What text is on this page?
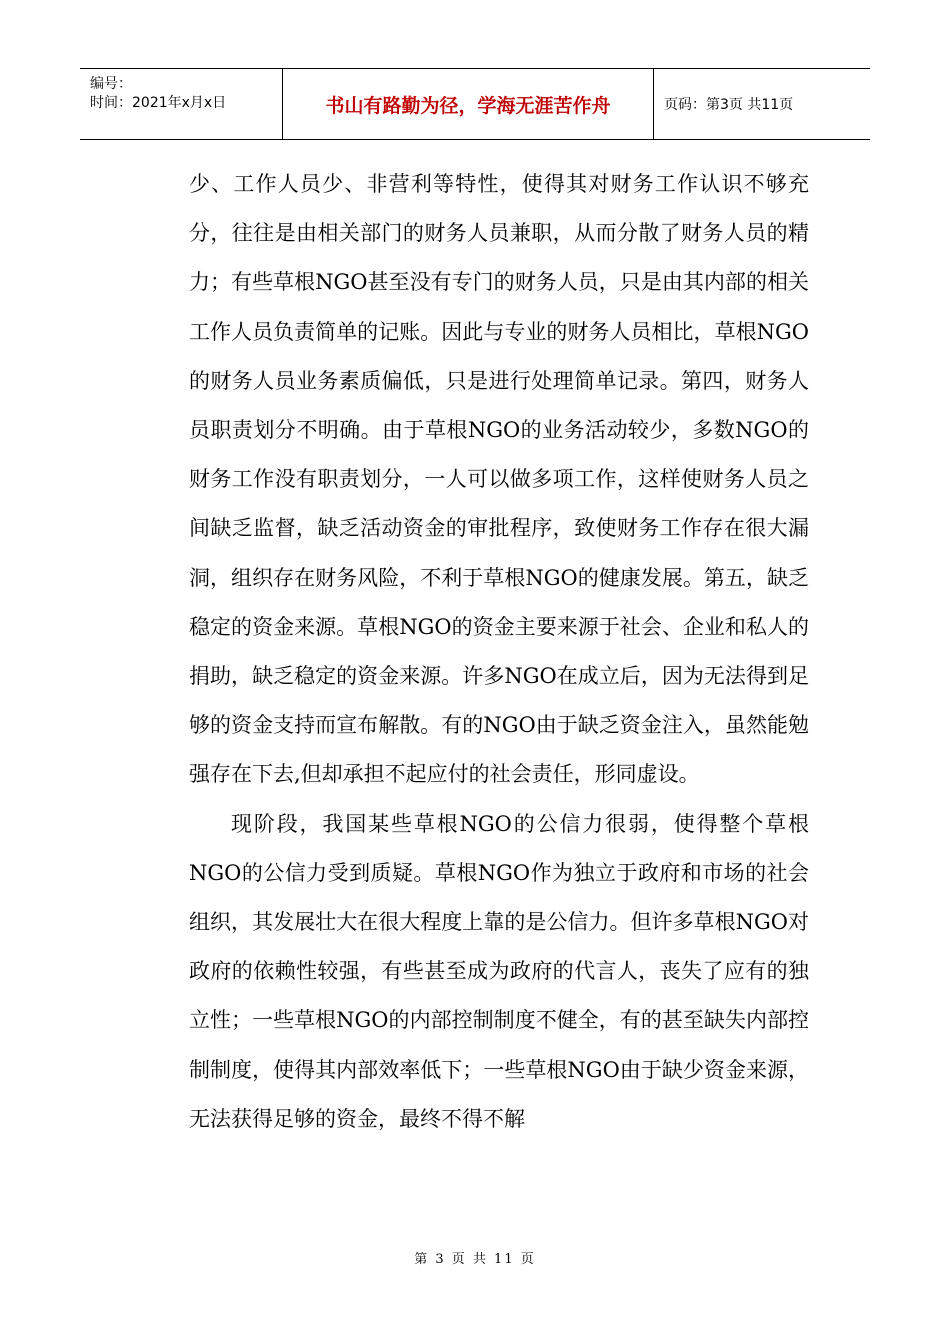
编号：
时间：2021年x月x日	书山有路勤为径，学海无涯苦作舟	页码：第3页 共11页

少、工作人员少、非营利等特性，使得其对财务工作认识不够充分，往往是由相关部门的财务人员兼职，从而分散了财务人员的精力；有些草根NGO甚至没有专门的财务人员，只是由其内部的相关工作人员负责简单的记账。因此与专业的财务人员相比，草根NGO的财务人员业务素质偏低，只是进行处理简单记录。第四，财务人员职责划分不明确。由于草根NGO的业务活动较少，多数NGO的财务工作没有职责划分，一人可以做多项工作，这样使财务人员之间缺乏监督，缺乏活动资金的审批程序，致使财务工作存在很大漏洞，组织存在财务风险，不利于草根NGO的健康发展。第五，缺乏稳定的资金来源。草根NGO的资金主要来源于社会、企业和私人的捐助，缺乏稳定的资金来源。许多NGO在成立后，因为无法得到足够的资金支持而宣布解散。有的NGO由于缺乏资金注入，虽然能勉强存在下去,但却承担不起应付的社会责任，形同虚设。

现阶段，我国某些草根NGO的公信力很弱，使得整个草根NGO的公信力受到质疑。草根NGO作为独立于政府和市场的社会组织，其发展壮大在很大程度上靠的是公信力。但许多草根NGO对政府的依赖性较强，有些甚至成为政府的代言人，丧失了应有的独立性；一些草根NGO的内部控制制度不健全，有的甚至缺失内部控制制度，使得其内部效率低下；一些草根NGO由于缺少资金来源，无法获得足够的资金，最终不得不解

第 3 页 共 11 页
